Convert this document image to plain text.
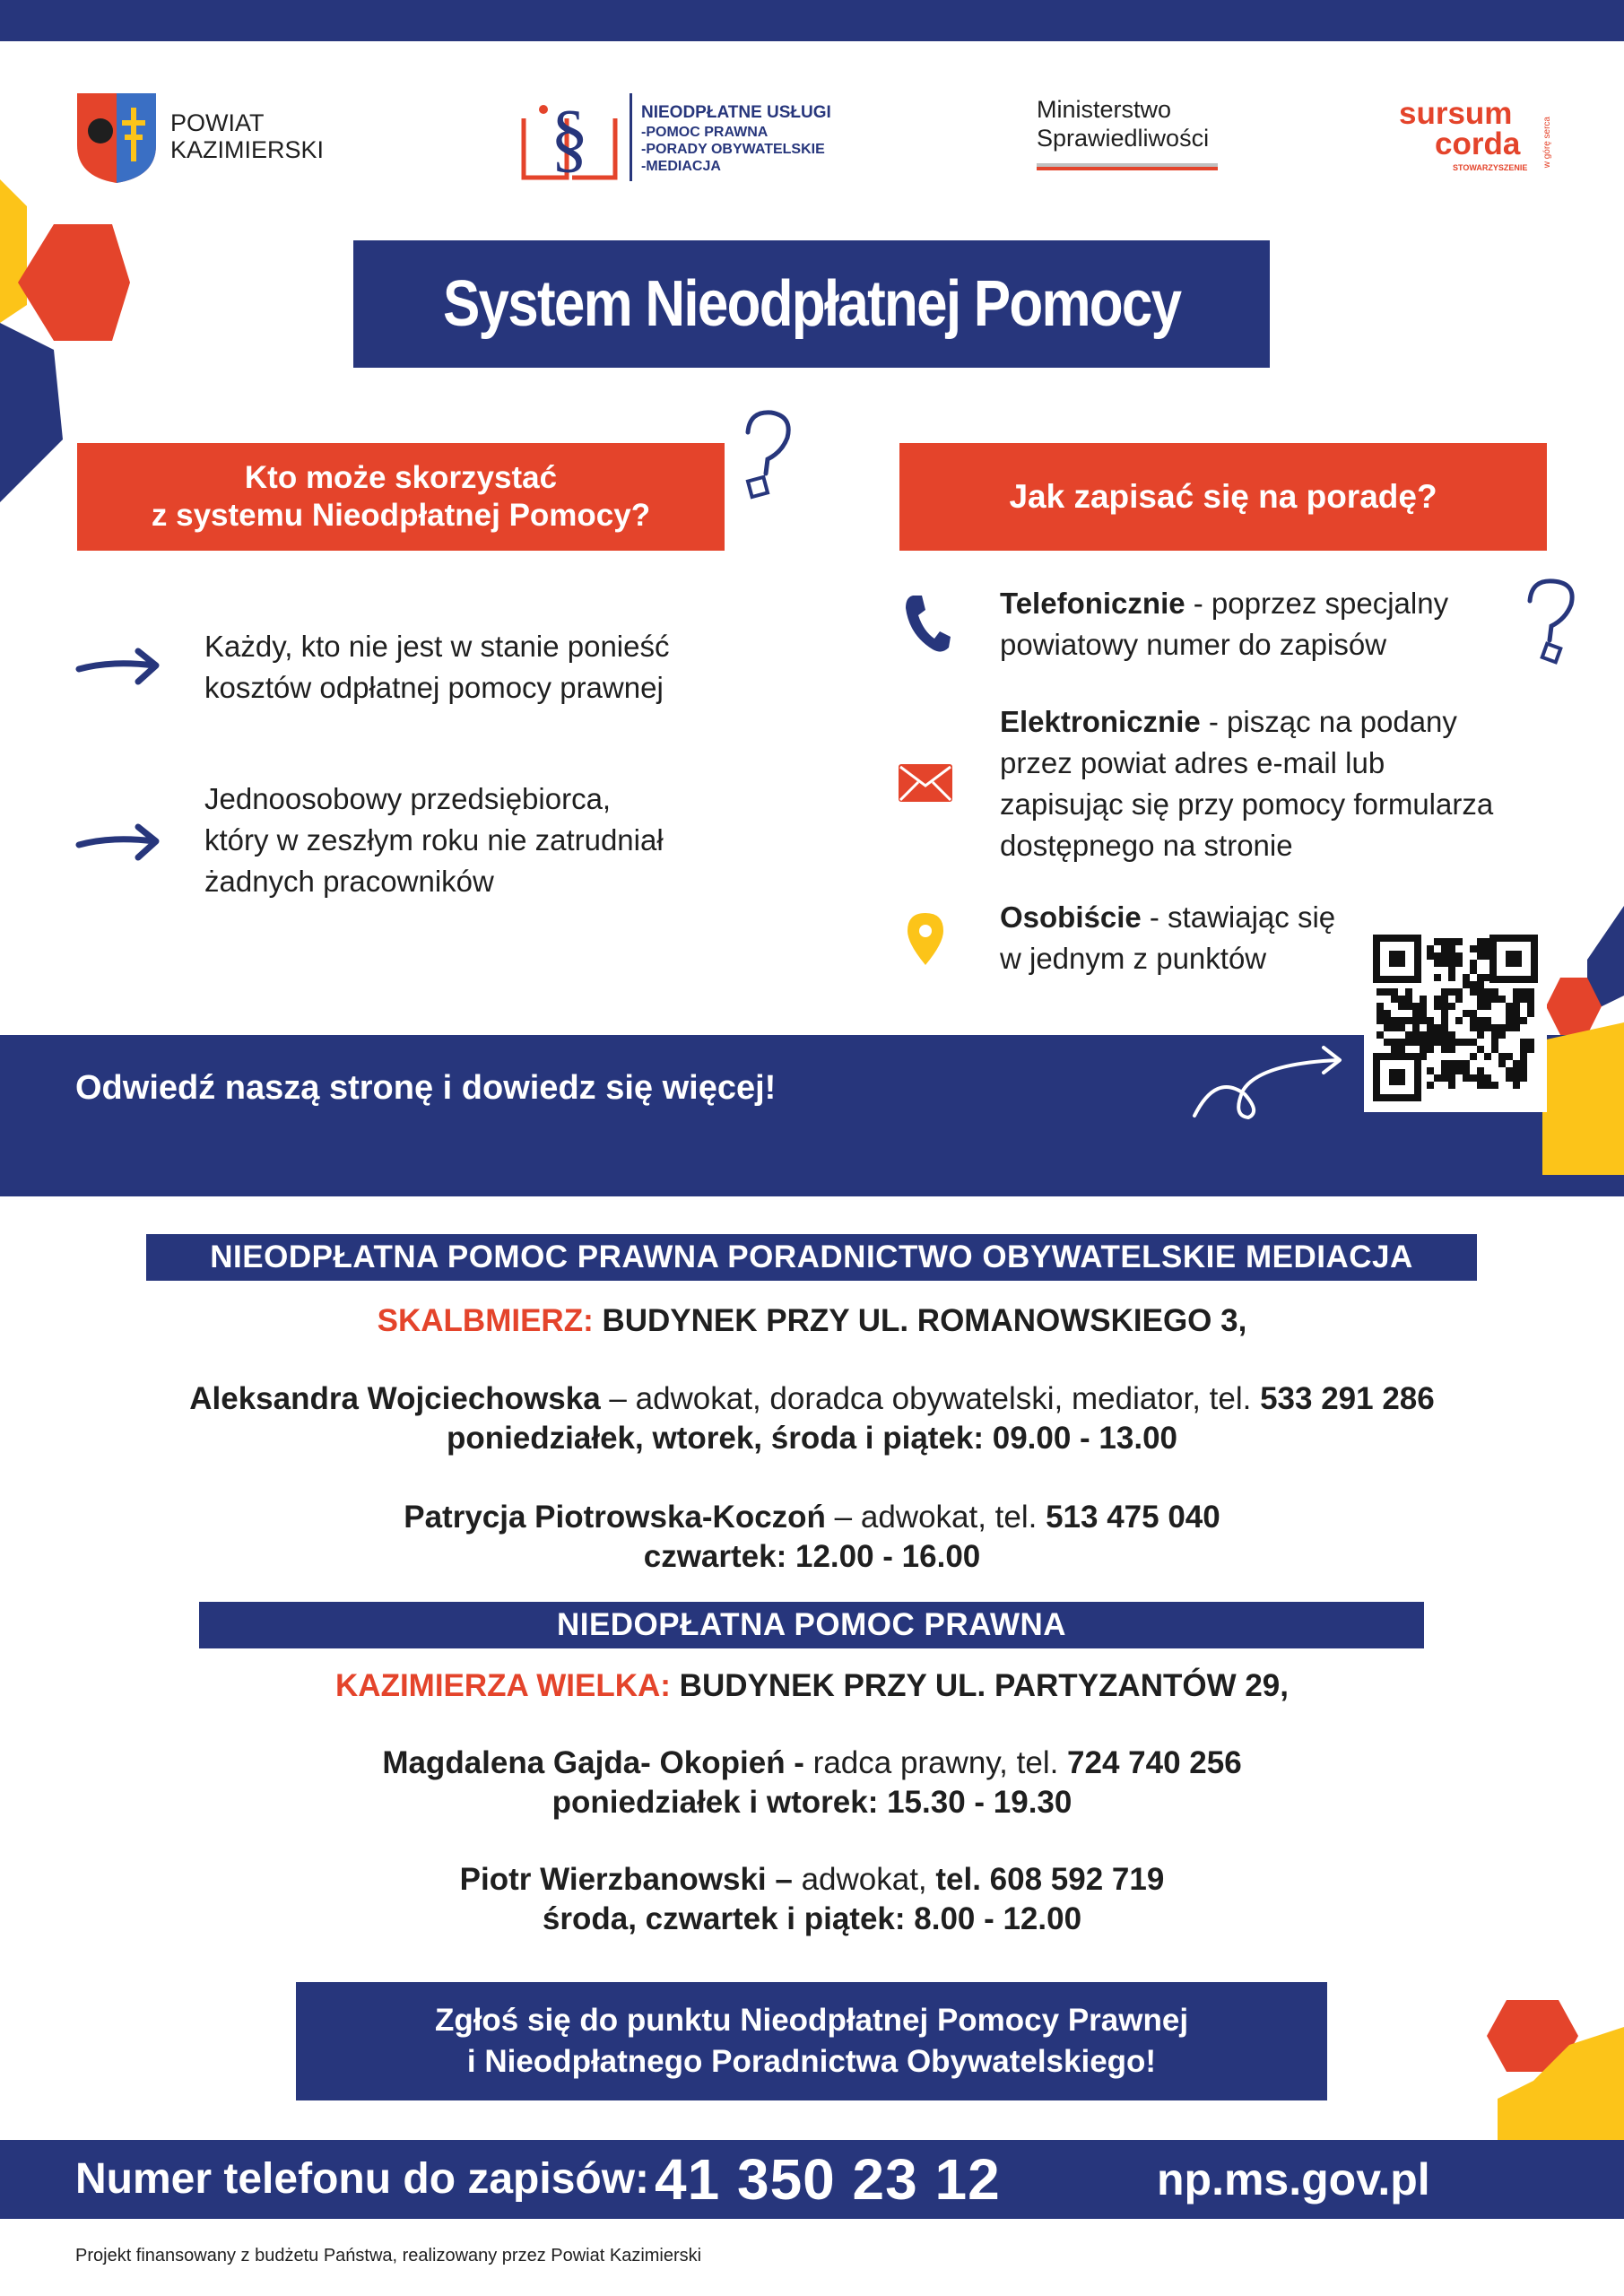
POWIAT
KAZIMIERSKI	§	NIEODPŁATNE USŁUGI
-POMOC PRAWNA
-PORADY OBYWATELSKIE
-MEDIACJA
Ministerstwo
Sprawiedliwości
sursum
corda
STOWARZYSZENIE	w górę serca
System Nieodpłatnej Pomocy
Kto może skorzystać
z systemu Nieodpłatnej Pomocy?
Jak zapisać się na poradę?
Każdy, kto nie jest w stanie ponieść
kosztów odpłatnej pomocy prawnej
Jednoosobowy przedsiębiorca,
który w zeszłym roku nie zatrudniał
żadnych pracowników
Telefonicznie - poprzez specjalny
powiatowy numer do zapisów
Elektronicznie - pisząc na podany
przez powiat adres e-mail lub
zapisując się przy pomocy formularza
dostępnego na stronie
Osobiście - stawiając się
w jednym z punktów
Odwiedź naszą stronę i dowiedz się więcej!
NIEODPŁATNA POMOC PRAWNA PORADNICTWO OBYWATELSKIE MEDIACJA
SKALBMIERZ: BUDYNEK PRZY UL. ROMANOWSKIEGO 3,
Aleksandra Wojciechowska – adwokat, doradca obywatelski, mediator, tel. 533 291 286
poniedziałek, wtorek, środa i piątek: 09.00 - 13.00
Patrycja Piotrowska-Koczoń – adwokat, tel. 513 475 040
czwartek: 12.00 - 16.00
NIEDOPŁATNA POMOC PRAWNA
KAZIMIERZA WIELKA: BUDYNEK PRZY UL. PARTYZANTÓW 29,
Magdalena Gajda- Okopień - radca prawny, tel. 724 740 256
poniedziałek i wtorek: 15.30 - 19.30
Piotr Wierzbanowski – adwokat, tel. 608 592 719
środa, czwartek i piątek: 8.00 - 12.00
Zgłoś się do punktu Nieodpłatnej Pomocy Prawnej
i Nieodpłatnego Poradnictwa Obywatelskiego!
Numer telefonu do zapisów: 41 350 23 12	np.ms.gov.pl
Projekt finansowany z budżetu Państwa, realizowany przez Powiat Kazimierski
